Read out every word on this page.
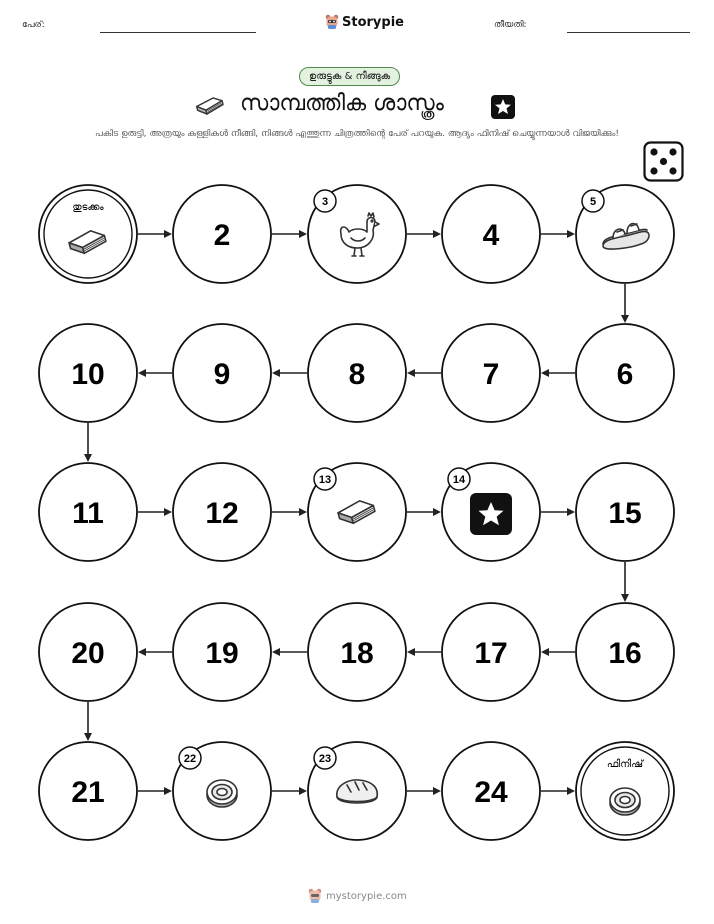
പേര്:	Storypie	തീയതി:
ഉരുട്ടുക & നീങ്ങുക
സാമ്പത്തിക ശാസ്ത്രം
പകിട ഉരുട്ടി, അത്രയും കള്ളികൾ നീങ്ങി, നിങ്ങൾ എത്തുന്ന ചിത്രത്തിന്റെ പേര് പറയുക. ആദ്യം ഫിനിഷ് ചെയ്യുന്നയാൾ വിജയിക്കും!
തുടക്കം
2
3
4
5
6
7
8
9
10
11	12
13	14
15
16
17
18
19
20
21
22	23
24
ഫിനിഷ്
mystorypie.com
